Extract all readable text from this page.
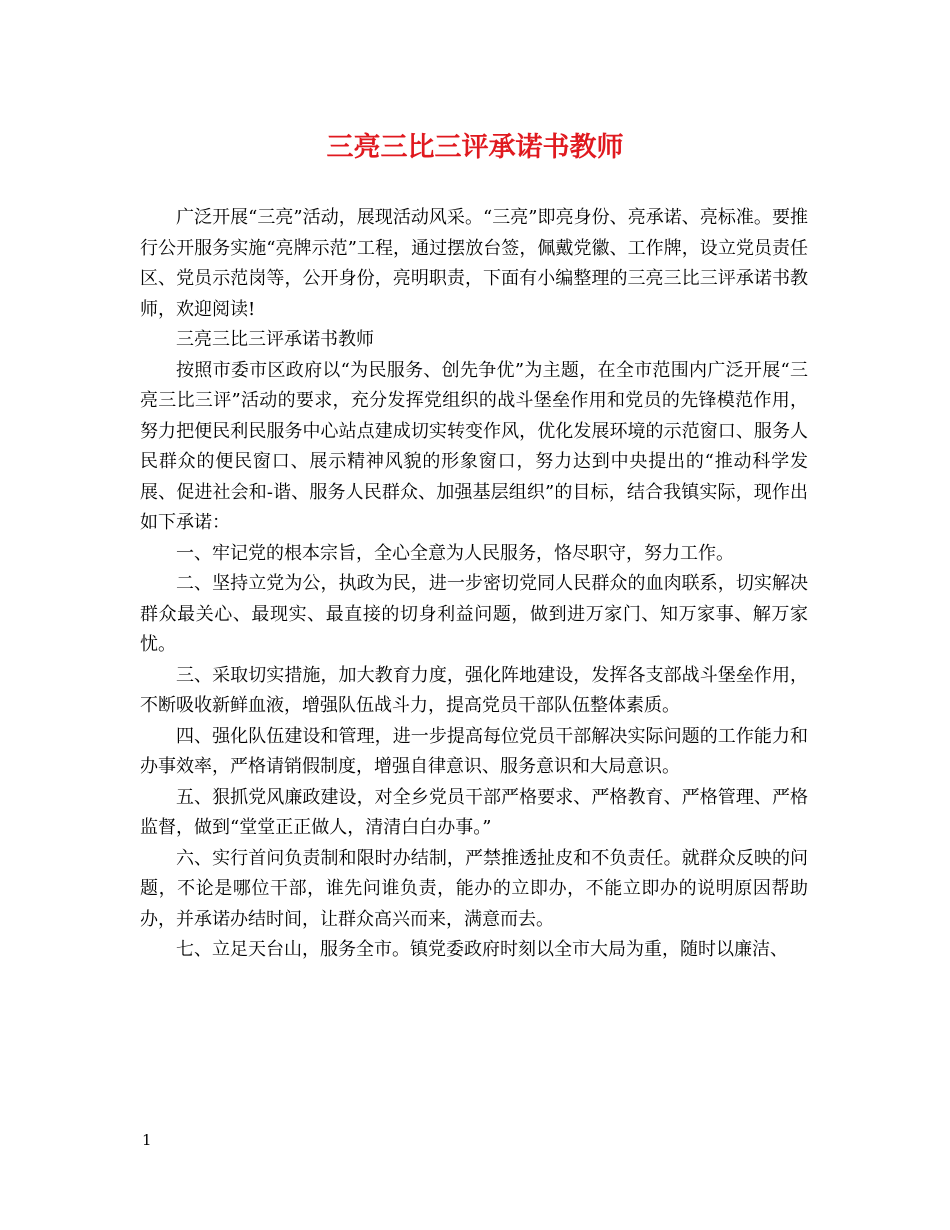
三亮三比三评承诺书教师

广泛开展“三亮”活动，展现活动风采。“三亮”即亮身份、亮承诺、亮标准。要推行公开服务实施“亮牌示范”工程，通过摆放台签，佩戴党徽、工作牌，设立党员责任区、党员示范岗等，公开身份，亮明职责，下面有小编整理的三亮三比三评承诺书教师，欢迎阅读!

三亮三比三评承诺书教师

按照市委市区政府以“为民服务、创先争优”为主题，在全市范围内广泛开展“三亮三比三评”活动的要求，充分发挥党组织的战斗堡垒作用和党员的先锋模范作用，努力把便民利民服务中心站点建成切实转变作风，优化发展环境的示范窗口、服务人民群众的便民窗口、展示精神风貌的形象窗口，努力达到中央提出的“推动科学发展、促进社会和-谐、服务人民群众、加强基层组织”的目标，结合我镇实际，现作出如下承诺：

一、牢记党的根本宗旨，全心全意为人民服务，恪尽职守，努力工作。

二、坚持立党为公，执政为民，进一步密切党同人民群众的血肉联系，切实解决群众最关心、最现实、最直接的切身利益问题，做到进万家门、知万家事、解万家忧。

三、采取切实措施，加大教育力度，强化阵地建设，发挥各支部战斗堡垒作用，不断吸收新鲜血液，增强队伍战斗力，提高党员干部队伍整体素质。

四、强化队伍建设和管理，进一步提高每位党员干部解决实际问题的工作能力和办事效率，严格请销假制度，增强自律意识、服务意识和大局意识。

五、狠抓党风廉政建设，对全乡党员干部严格要求、严格教育、严格管理、严格监督，做到“堂堂正正做人，清清白白办事。”

六、实行首问负责制和限时办结制，严禁推透扯皮和不负责任。就群众反映的问题，不论是哪位干部，谁先问谁负责，能办的立即办，不能立即办的说明原因帮助办，并承诺办结时间，让群众高兴而来，满意而去。

七、立足天台山，服务全市。镇党委政府时刻以全市大局为重，随时以廉洁、

1
